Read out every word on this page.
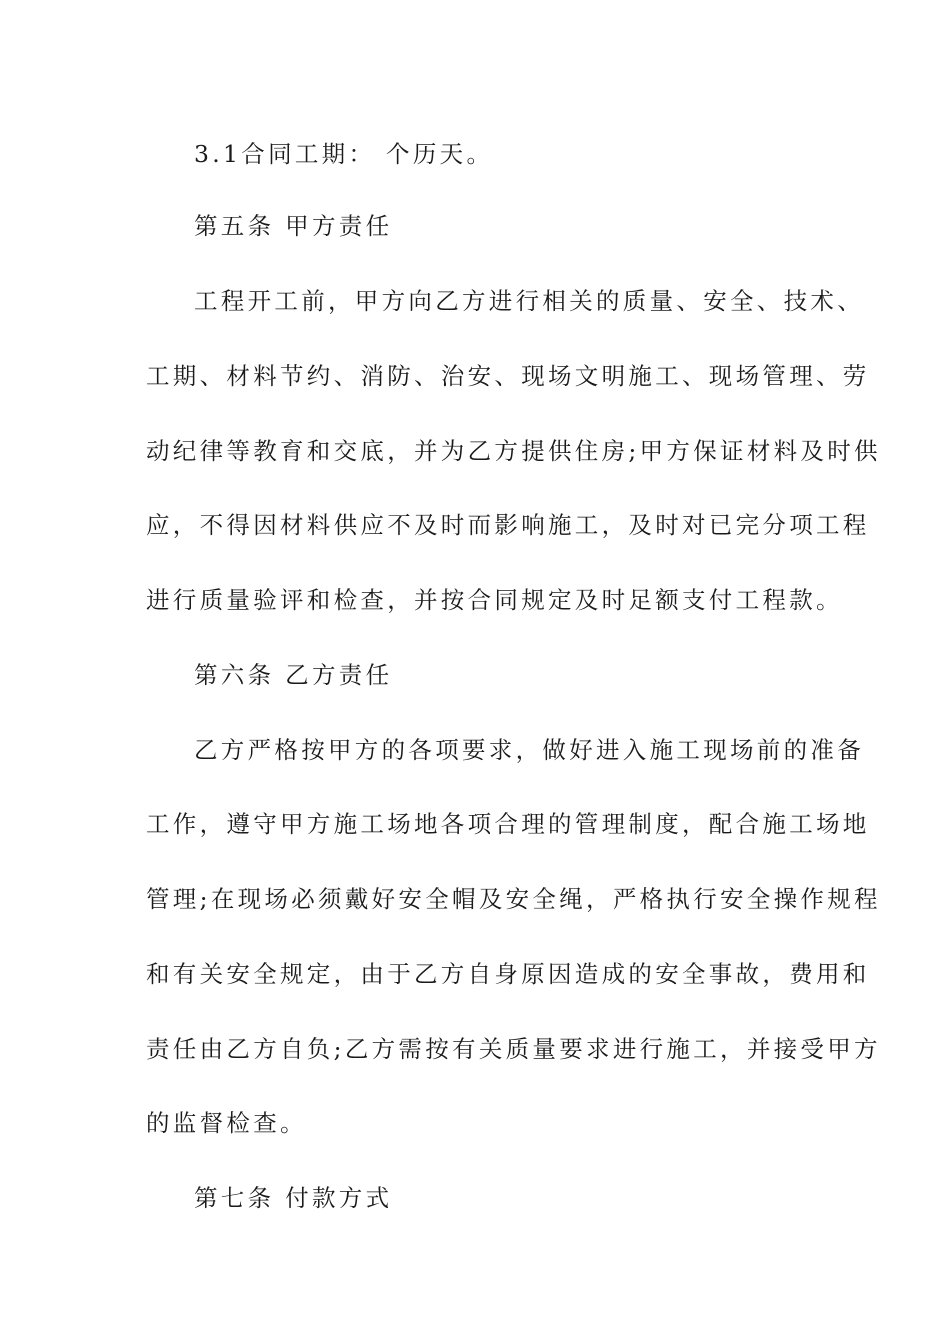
3.1合同工期： 个历天。
第五条 甲方责任
工程开工前，甲方向乙方进行相关的质量、安全、技术、
工期、材料节约、消防、治安、现场文明施工、现场管理、劳
动纪律等教育和交底，并为乙方提供住房;甲方保证材料及时供
应，不得因材料供应不及时而影响施工，及时对已完分项工程
进行质量验评和检查，并按合同规定及时足额支付工程款。
第六条 乙方责任
乙方严格按甲方的各项要求，做好进入施工现场前的准备
工作，遵守甲方施工场地各项合理的管理制度，配合施工场地
管理;在现场必须戴好安全帽及安全绳，严格执行安全操作规程
和有关安全规定，由于乙方自身原因造成的安全事故，费用和
责任由乙方自负;乙方需按有关质量要求进行施工，并接受甲方
的监督检查。
第七条 付款方式
